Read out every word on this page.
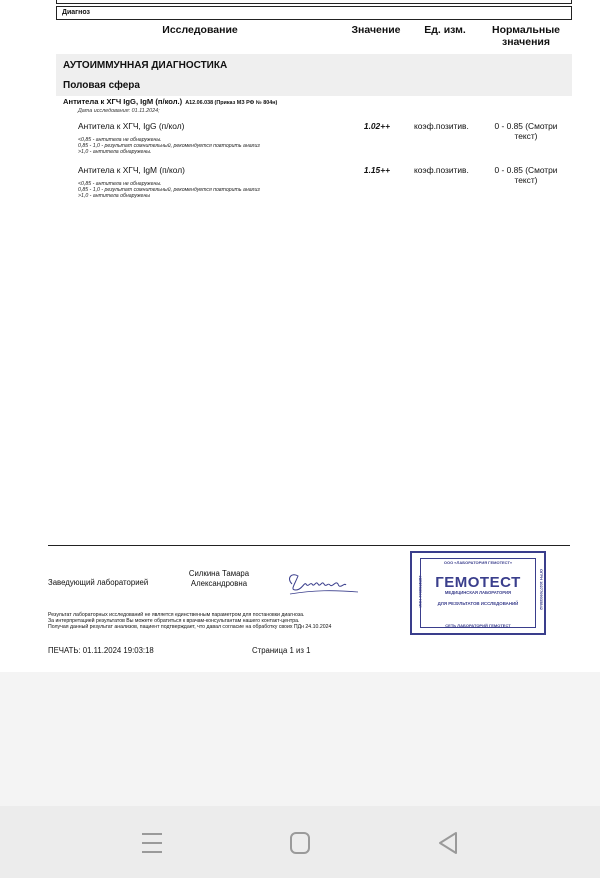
Диагноз
Исследование	Значение	Ед. изм.	Нормальные значения
АУТОИММУННАЯ ДИАГНОСТИКА
Половая сфера
Антитела к ХГЧ IgG, IgM (п/кол.) A12.06.038 (Приказ МЗ РФ № 804н)
Дата исследования: 01.11.2024;
Антитела к ХГЧ, IgG (п/кол)	1.02++	коэф.позитив.	0 - 0.85 (Смотри текст)
<0,85 - антитела не обнаружены.
0,85 - 1,0 - результат сомнительный, рекомендуется повторить анализ
>1,0 - антитела обнаружены.
Антитела к ХГЧ, IgM (п/кол)	1.15++	коэф.позитив.	0 - 0.85 (Смотри текст)
<0,85 - антитела не обнаружены.
0,85 - 1,0 - результат сомнительный, рекомендуется повторить анализ
>1,0 - антитела обнаружены
Заведующий лабораторией
Силкина Тамара Александровна
Результат лабораторных исследований не является единственным параметром для постановки диагноза.
За интерпретацией результатов Вы можете обратиться к врачам-консультантам нашего контакт-центра.
Получая данный результат анализов, пациент подтверждает, что давал согласие на обработку своих ПДн 24.10.2024
ПЕЧАТЬ: 01.11.2024 19:03:18	Страница 1 из 1
ООО «ЛАБОРАТОРИЯ ГЕМОТЕСТ»
ГЕМОТЕСТ
МЕДИЦИНСКАЯ ЛАБОРАТОРИЯ
ДЛЯ РЕЗУЛЬТАТОВ ИССЛЕДОВАНИЙ
СЕТЬ ЛАБОРАТОРИЙ ГЕМОТЕСТ
ИНН 7709935357	ОГРН 1027709035842
